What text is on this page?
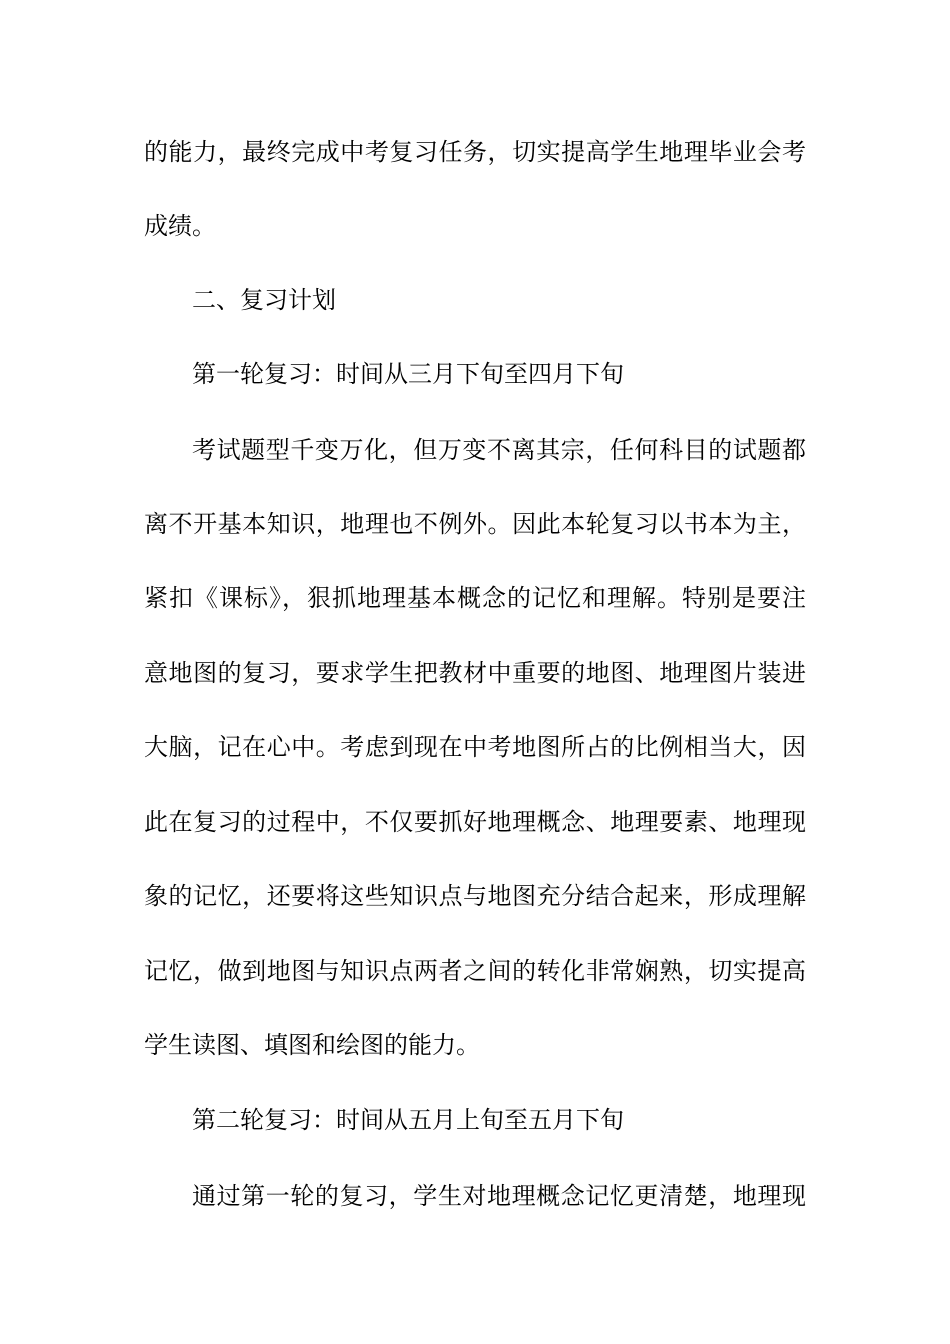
的能力，最终完成中考复习任务，切实提高学生地理毕业会考
成绩。
二、复习计划
第一轮复习：时间从三月下旬至四月下旬
考试题型千变万化，但万变不离其宗，任何科目的试题都
离不开基本知识，地理也不例外。因此本轮复习以书本为主，
紧扣《课标》，狠抓地理基本概念的记忆和理解。特别是要注
意地图的复习，要求学生把教材中重要的地图、地理图片装进
大脑，记在心中。考虑到现在中考地图所占的比例相当大，因
此在复习的过程中，不仅要抓好地理概念、地理要素、地理现
象的记忆，还要将这些知识点与地图充分结合起来，形成理解
记忆，做到地图与知识点两者之间的转化非常娴熟，切实提高
学生读图、填图和绘图的能力。
第二轮复习：时间从五月上旬至五月下旬
通过第一轮的复习，学生对地理概念记忆更清楚，地理现
